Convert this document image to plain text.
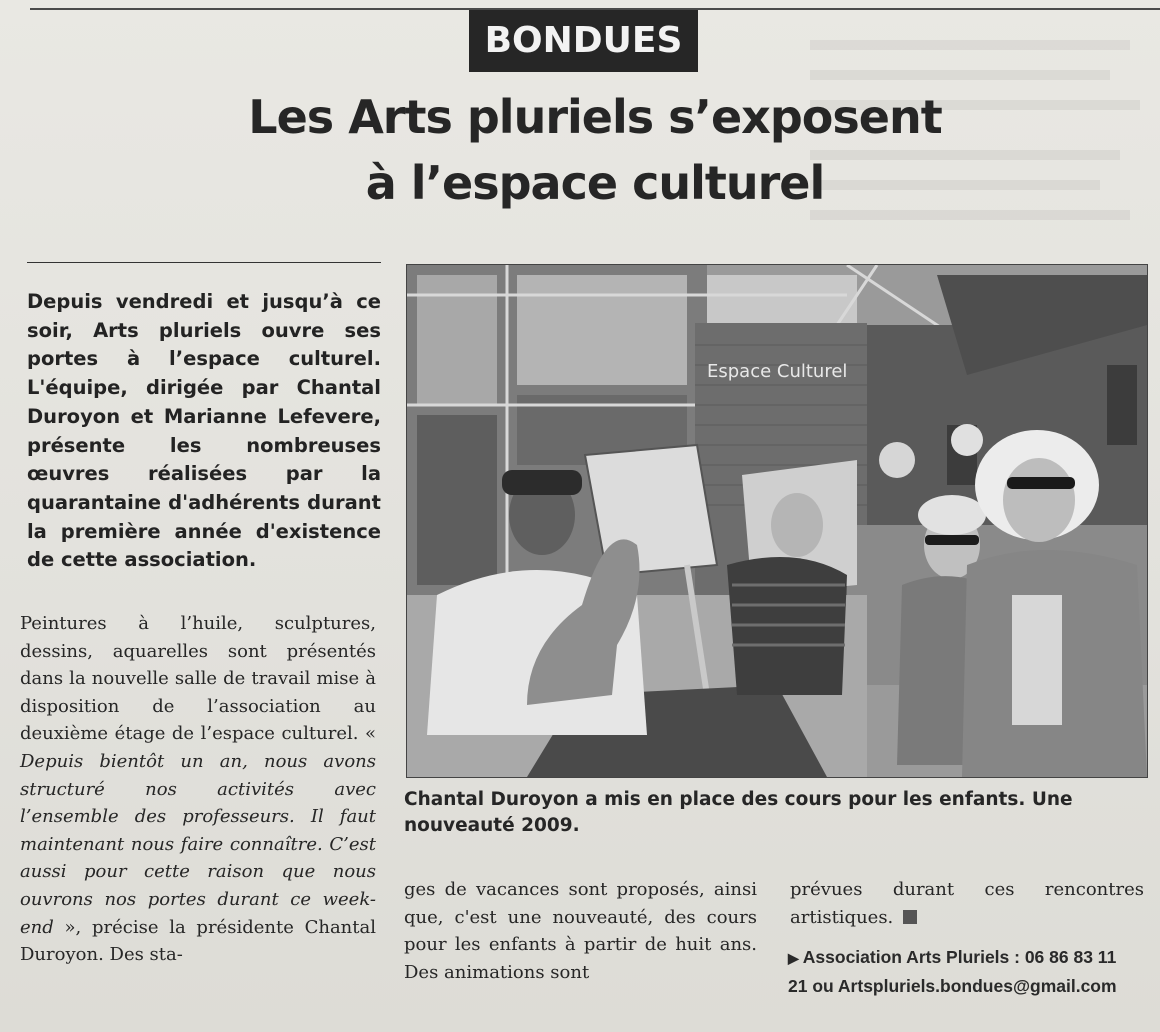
BONDUES
Les Arts pluriels s’exposent
à l’espace culturel

Depuis vendredi et jusqu’à ce soir, Arts pluriels ouvre ses portes à l’espace culturel. L'équipe, dirigée par Chantal Duroyon et Marianne Lefevere, présente les nombreuses œuvres réalisées par la quarantaine d'adhérents durant la première année d'existence de cette association.

Peintures à l’huile, sculptures, dessins, aquarelles sont présentés dans la nouvelle salle de travail mise à disposition de l’association au deuxième étage de l’espace culturel. « Depuis bientôt un an, nous avons structuré nos activités avec l’ensemble des professeurs. Il faut maintenant nous faire connaître. C’est aussi pour cette raison que nous ouvrons nos portes durant ce week-end », précise la présidente Chantal Duroyon. Des sta-

ges de vacances sont proposés, ainsi que, c'est une nouveauté, des cours pour les enfants à partir de huit ans. Des animations sont

prévues durant ces rencontres artistiques.

▶ Association Arts Pluriels : 06 86 83 11
21 ou Artspluriels.bondues@gmail.com

Espace Culturel

Chantal Duroyon a mis en place des cours pour les enfants. Une nouveauté 2009.
